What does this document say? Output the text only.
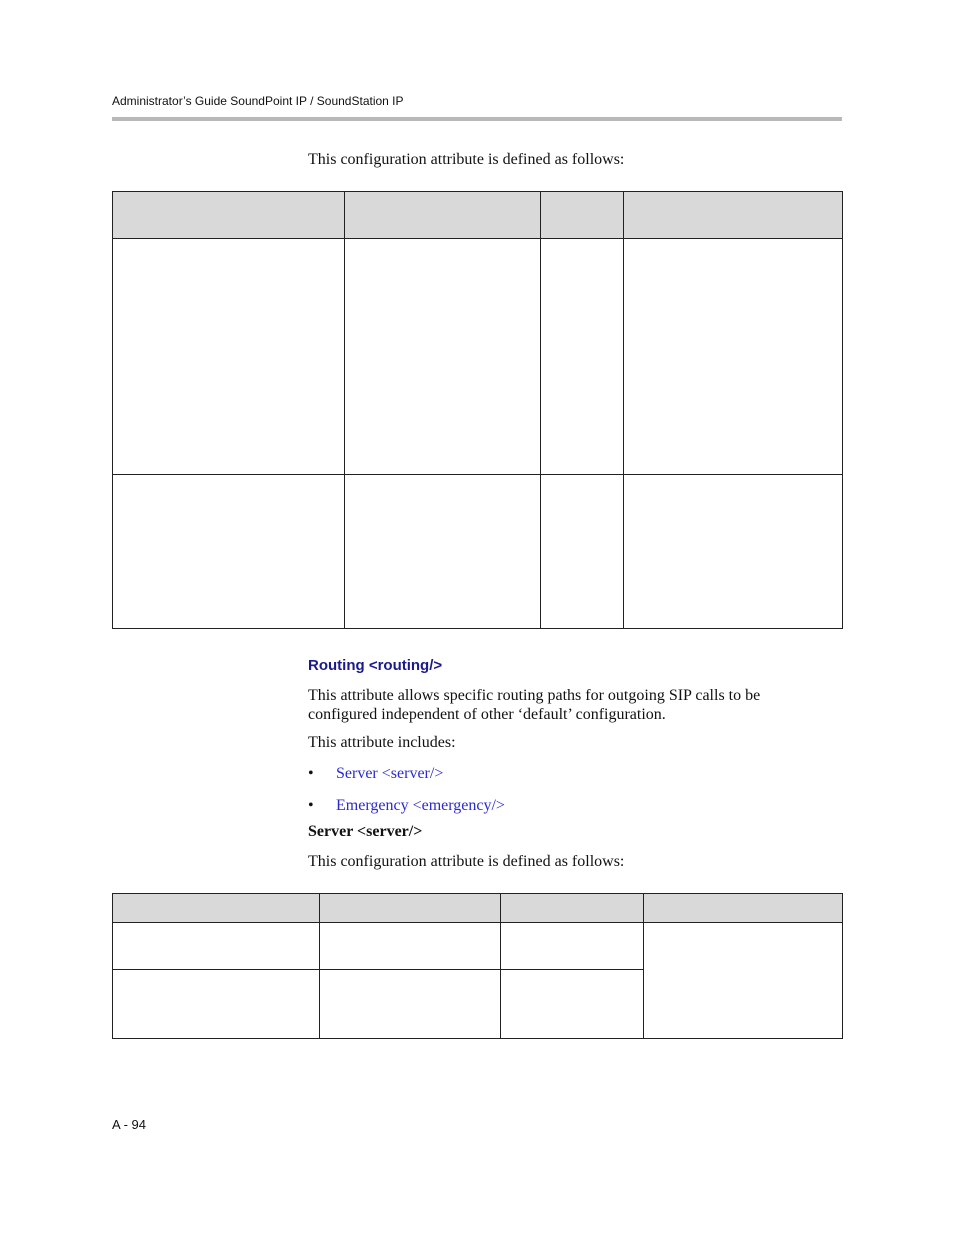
Administrator’s Guide SoundPoint IP / SoundStation IP
This configuration attribute is defined as follows:

Routing <routing/>
This attribute allows specific routing paths for outgoing SIP calls to be configured independent of other ‘default’ configuration.
This attribute includes:
•	Server <server/>
•	Emergency <emergency/>
Server <server/>
This configuration attribute is defined as follows:

A - 94
